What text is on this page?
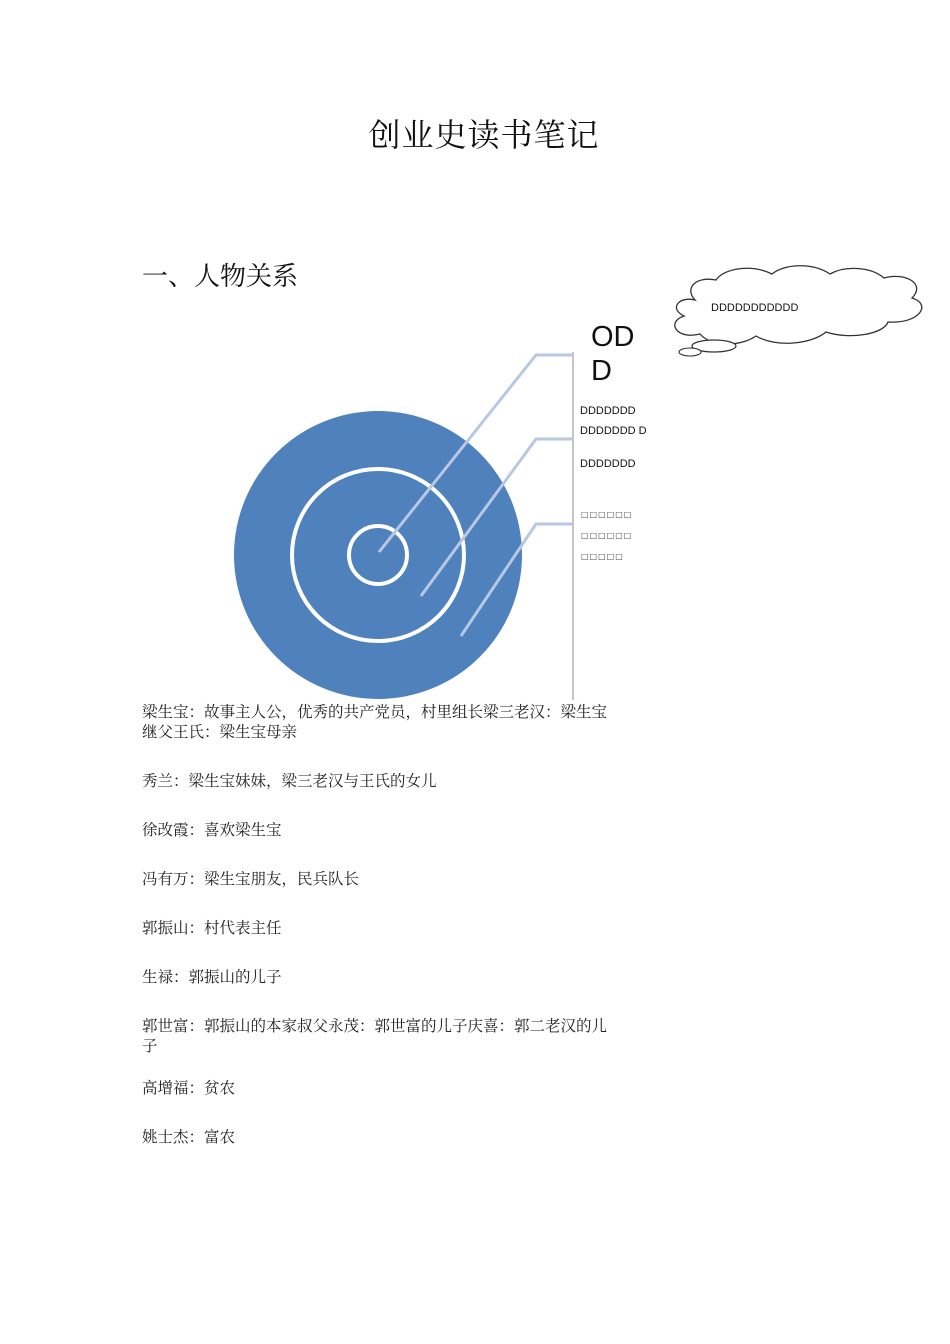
创业史读书笔记
一、人物关系
DDDDDDDDDDD
OD D
DDDDDDD
DDDDDDD D
DDDDDDD
□□□□□□
□□□□□□
□□□□□
梁生宝：故事主人公，优秀的共产党员，村里组长梁三老汉：梁生宝继父王氏：梁生宝母亲
秀兰：梁生宝妹妹，梁三老汉与王氏的女儿
徐改霞：喜欢梁生宝
冯有万：梁生宝朋友，民兵队长
郭振山：村代表主任
生禄：郭振山的儿子
郭世富：郭振山的本家叔父永茂：郭世富的儿子庆喜：郭二老汉的儿子
高增福：贫农
姚士杰：富农
